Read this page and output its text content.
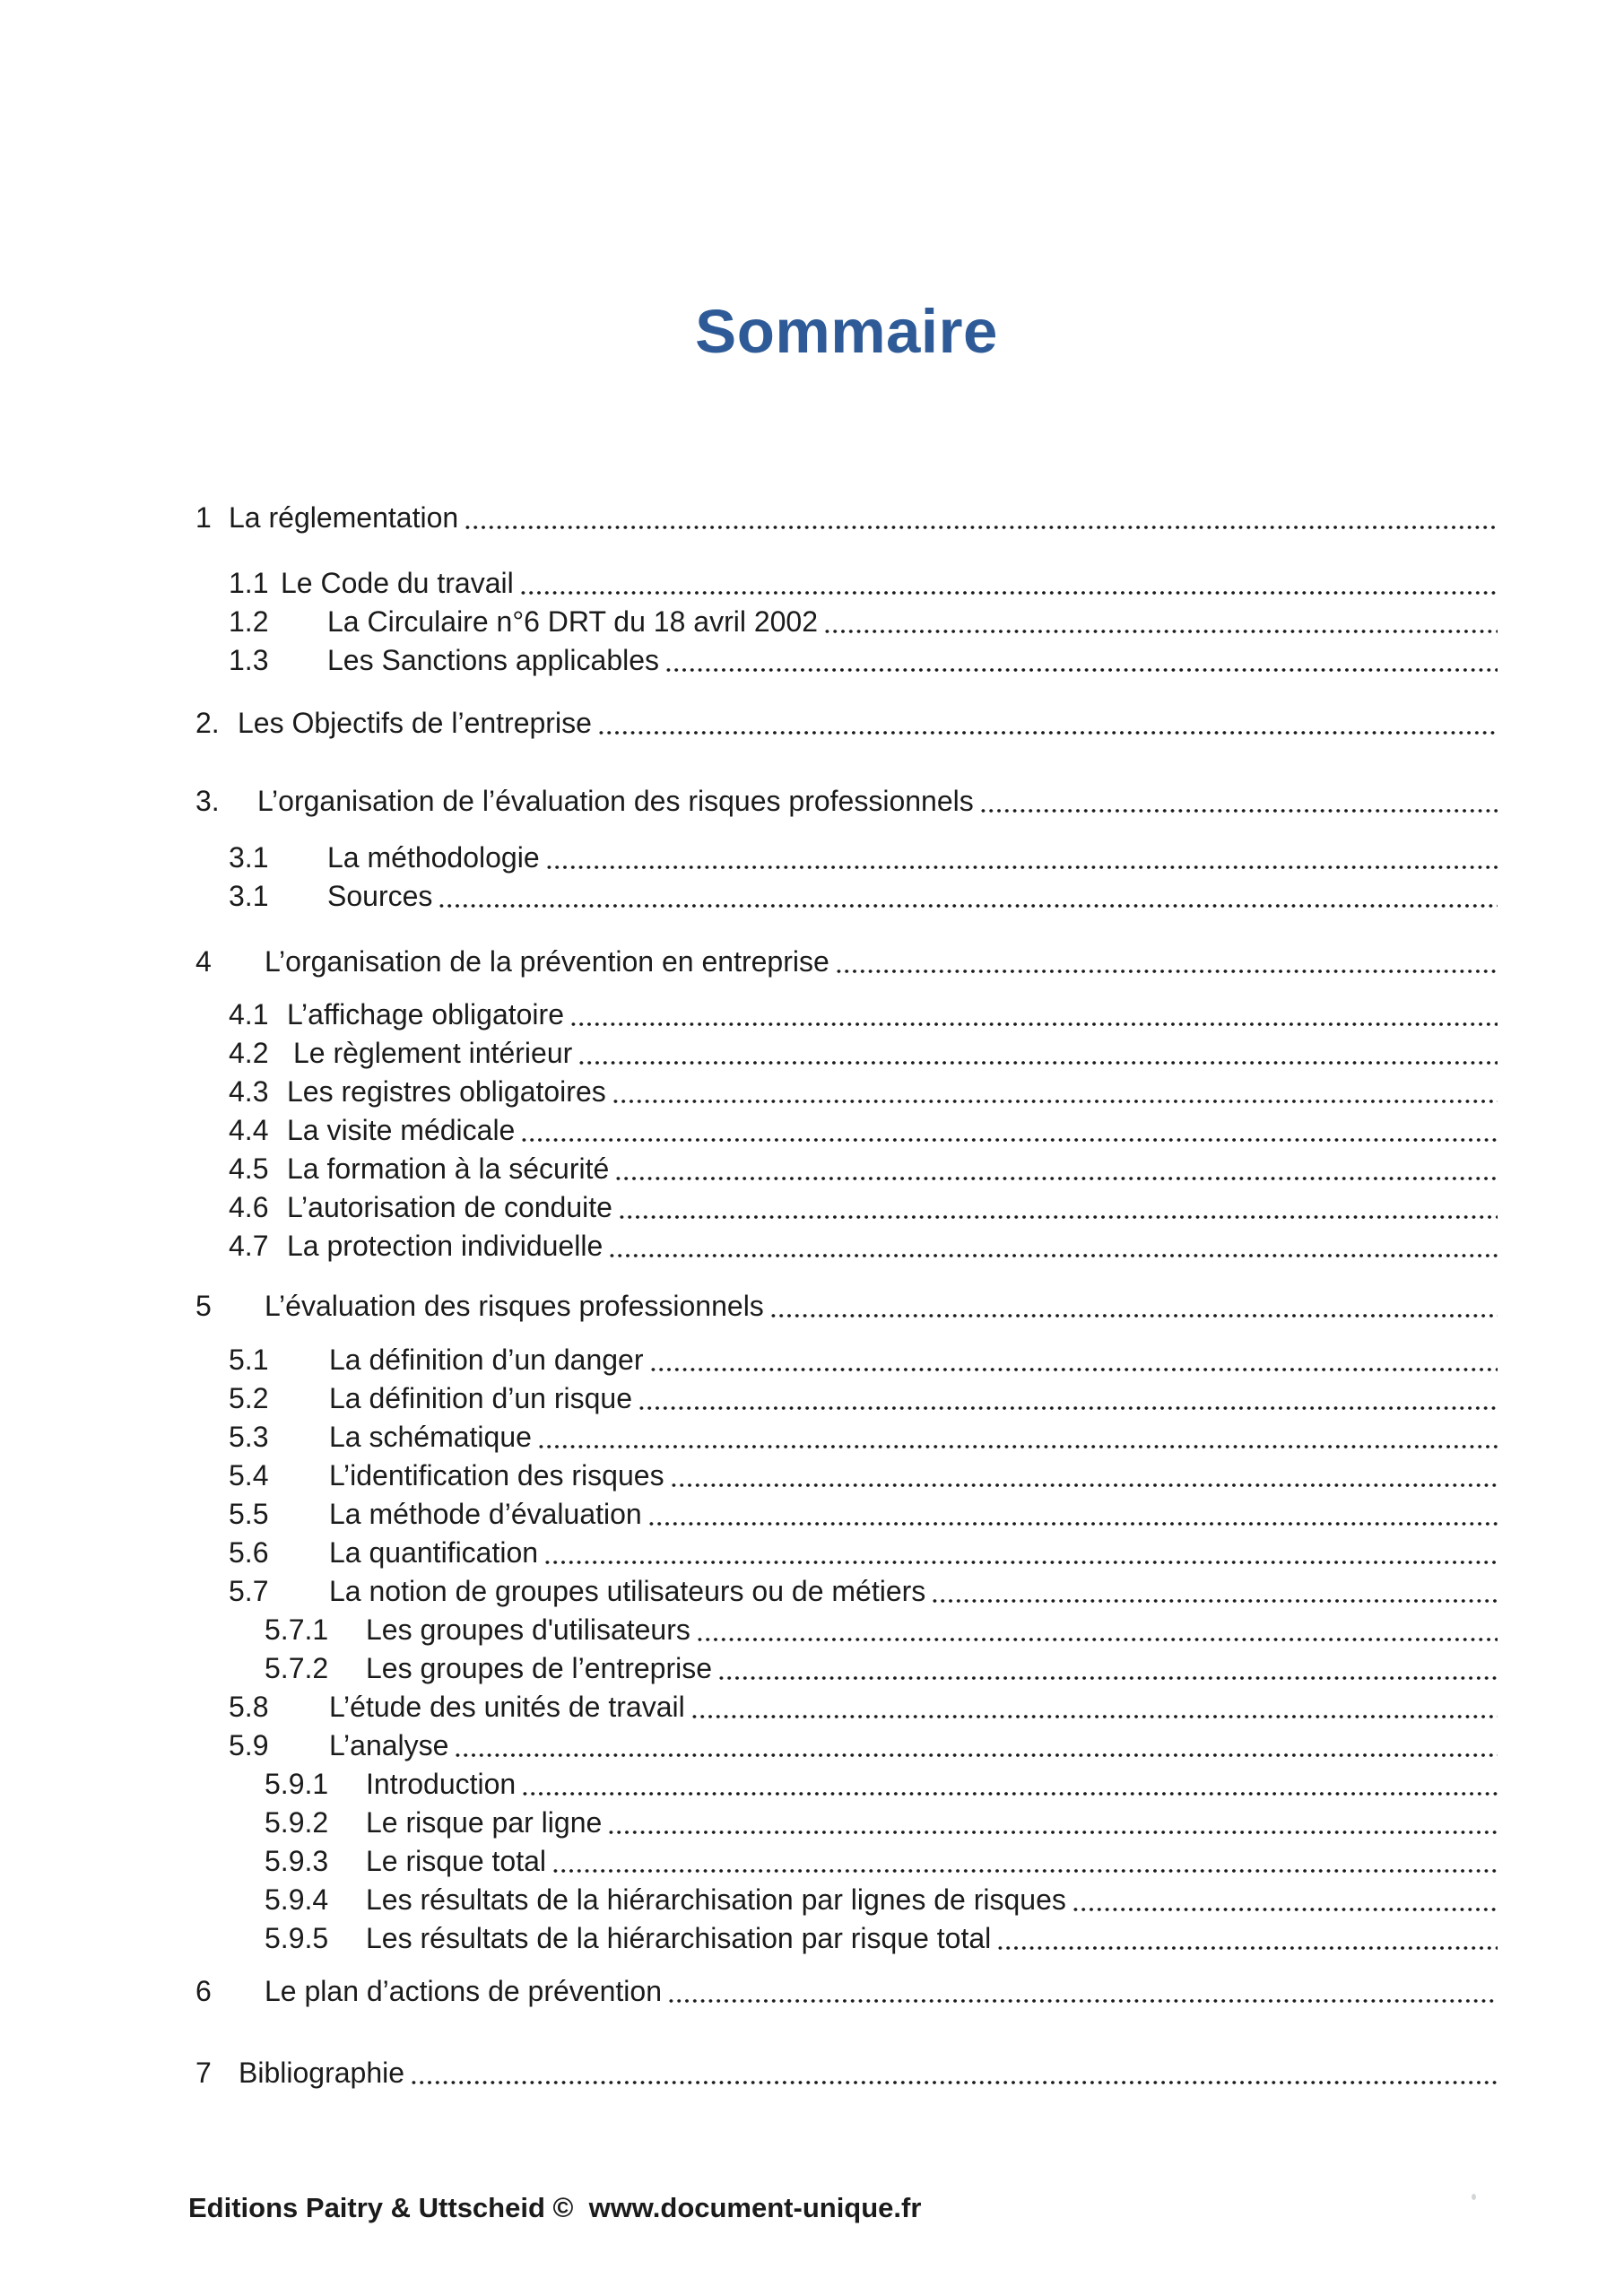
Sommaire
1 La réglementation
1.1 Le Code du travail
1.2	La Circulaire n°6 DRT du 18 avril 2002
1.3	Les Sanctions applicables
2. Les Objectifs de l’entreprise
3.	L’organisation de l’évaluation des risques professionnels
3.1	La méthodologie
3.1	Sources
4	L’organisation de la prévention en entreprise
4.1 L’affichage obligatoire
4.2 Le règlement intérieur
4.3 Les registres obligatoires
4.4 La visite médicale
4.5 La formation à la sécurité
4.6 L’autorisation de conduite
4.7 La protection individuelle
5	L’évaluation des risques professionnels
5.1	La définition d’un danger
5.2	La définition d’un risque
5.3	La schématique
5.4	L’identification des risques
5.5	La méthode d’évaluation
5.6	La quantification
5.7	La notion de groupes utilisateurs ou de métiers
5.7.1	Les groupes d'utilisateurs
5.7.2	Les groupes de l’entreprise
5.8	L’étude des unités de travail
5.9	L’analyse
5.9.1	Introduction
5.9.2	Le risque par ligne
5.9.3	Le risque total
5.9.4	Les résultats de la hiérarchisation par lignes de risques
5.9.5	Les résultats de la hiérarchisation par risque total
6	Le plan d’actions de prévention
7 Bibliographie
Editions Paitry & Uttscheid ©  www.document-unique.fr
